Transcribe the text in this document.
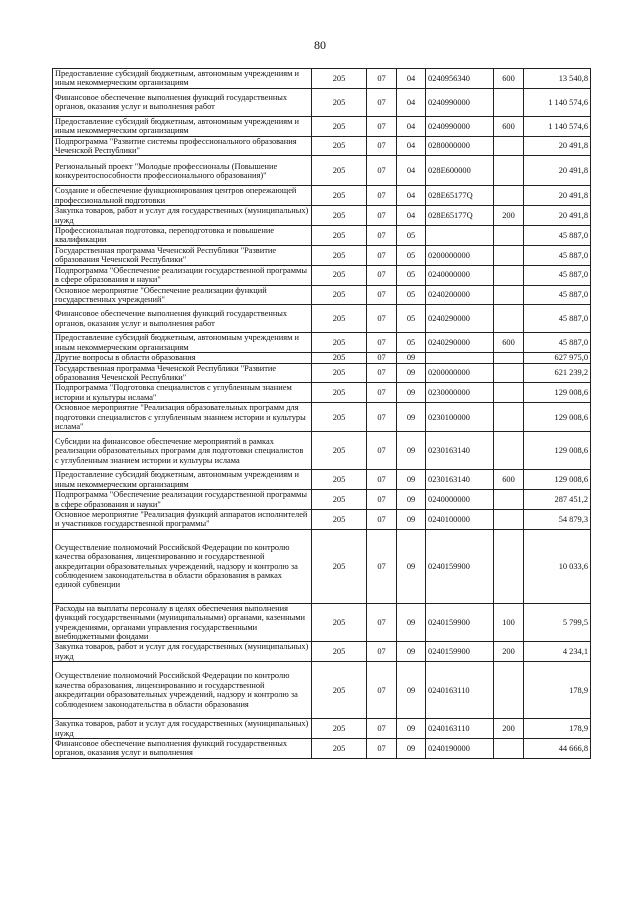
80
Предоставление субсидий бюджетным, автономным учреждениям и иным некоммерческим организациям	205	07	04	0240956340	600	13 540,8
Финансовое обеспечение выполнения функций государственных органов, оказания услуг и выполнения работ	205	07	04	0240990000		1 140 574,6
Предоставление субсидий бюджетным, автономным учреждениям и иным некоммерческим организациям	205	07	04	0240990000	600	1 140 574,6
Подпрограмма "Развитие системы профессионального образования Чеченской Республики"	205	07	04	0280000000		20 491,8
Региональный проект "Молодые профессионалы (Повышение конкурентоспособности профессионального образования)"	205	07	04	028E600000		20 491,8
Создание и обеспечение функционирования центров опережающей профессиональной подготовки	205	07	04	028E65177Q		20 491,8
Закупка товаров, работ и услуг для государственных (муниципальных) нужд	205	07	04	028E65177Q	200	20 491,8
Профессиональная подготовка, переподготовка и повышение квалификации	205	07	05			45 887,0
Государственная программа Чеченской Республики "Развитие образования Чеченской Республики"	205	07	05	0200000000		45 887,0
Подпрограмма "Обеспечение реализации государственной программы в сфере образования и науки"	205	07	05	0240000000		45 887,0
Основное мероприятие "Обеспечение реализации функций государственных учреждений"	205	07	05	0240200000		45 887,0
Финансовое обеспечение выполнения функций государственных органов, оказания услуг и выполнения работ	205	07	05	0240290000		45 887,0
Предоставление субсидий бюджетным, автономным учреждениям и иным некоммерческим организациям	205	07	05	0240290000	600	45 887,0
Другие вопросы в области образования	205	07	09			627 975,0
Государственная программа Чеченской Республики "Развитие образования Чеченской Республики"	205	07	09	0200000000		621 239,2
Подпрограмма "Подготовка специалистов с углубленным знанием истории и культуры ислама"	205	07	09	0230000000		129 008,6
Основное мероприятие "Реализация образовательных программ для подготовки специалистов с углубленным знанием истории и культуры ислама"	205	07	09	0230100000		129 008,6
Субсидии на финансовое обеспечение мероприятий в рамках реализации образовательных программ для подготовки специалистов с углубленным знанием истории и культуры ислама	205	07	09	0230163140		129 008,6
Предоставление субсидий бюджетным, автономным учреждениям и иным некоммерческим организациям	205	07	09	0230163140	600	129 008,6
Подпрограмма "Обеспечение реализации государственной программы в сфере образования и науки"	205	07	09	0240000000		287 451,2
Основное мероприятие "Реализация функций аппаратов исполнителей и участников государственной программы"	205	07	09	0240100000		54 879,3
Осуществление полномочий Российской Федерации по контролю качества образования, лицензированию и государственной аккредитации образовательных учреждений, надзору и контролю за соблюдением законодательства в области образования в рамках единой субвенции	205	07	09	0240159900		10 033,6
Расходы на выплаты персоналу в целях обеспечения выполнения функций государственными (муниципальными) органами, казенными учреждениями, органами управления государственными внебюджетными фондами	205	07	09	0240159900	100	5 799,5
Закупка товаров, работ и услуг для государственных (муниципальных) нужд	205	07	09	0240159900	200	4 234,1
Осуществление полномочий Российской Федерации по контролю качества образования, лицензированию и государственной аккредитации образовательных учреждений, надзору и контролю за соблюдением законодательства в области образования	205	07	09	0240163110		178,9
Закупка товаров, работ и услуг для государственных (муниципальных) нужд	205	07	09	0240163110	200	178,9
Финансовое обеспечение выполнения функций государственных органов, оказания услуг и выполнения	205	07	09	0240190000		44 666,8
